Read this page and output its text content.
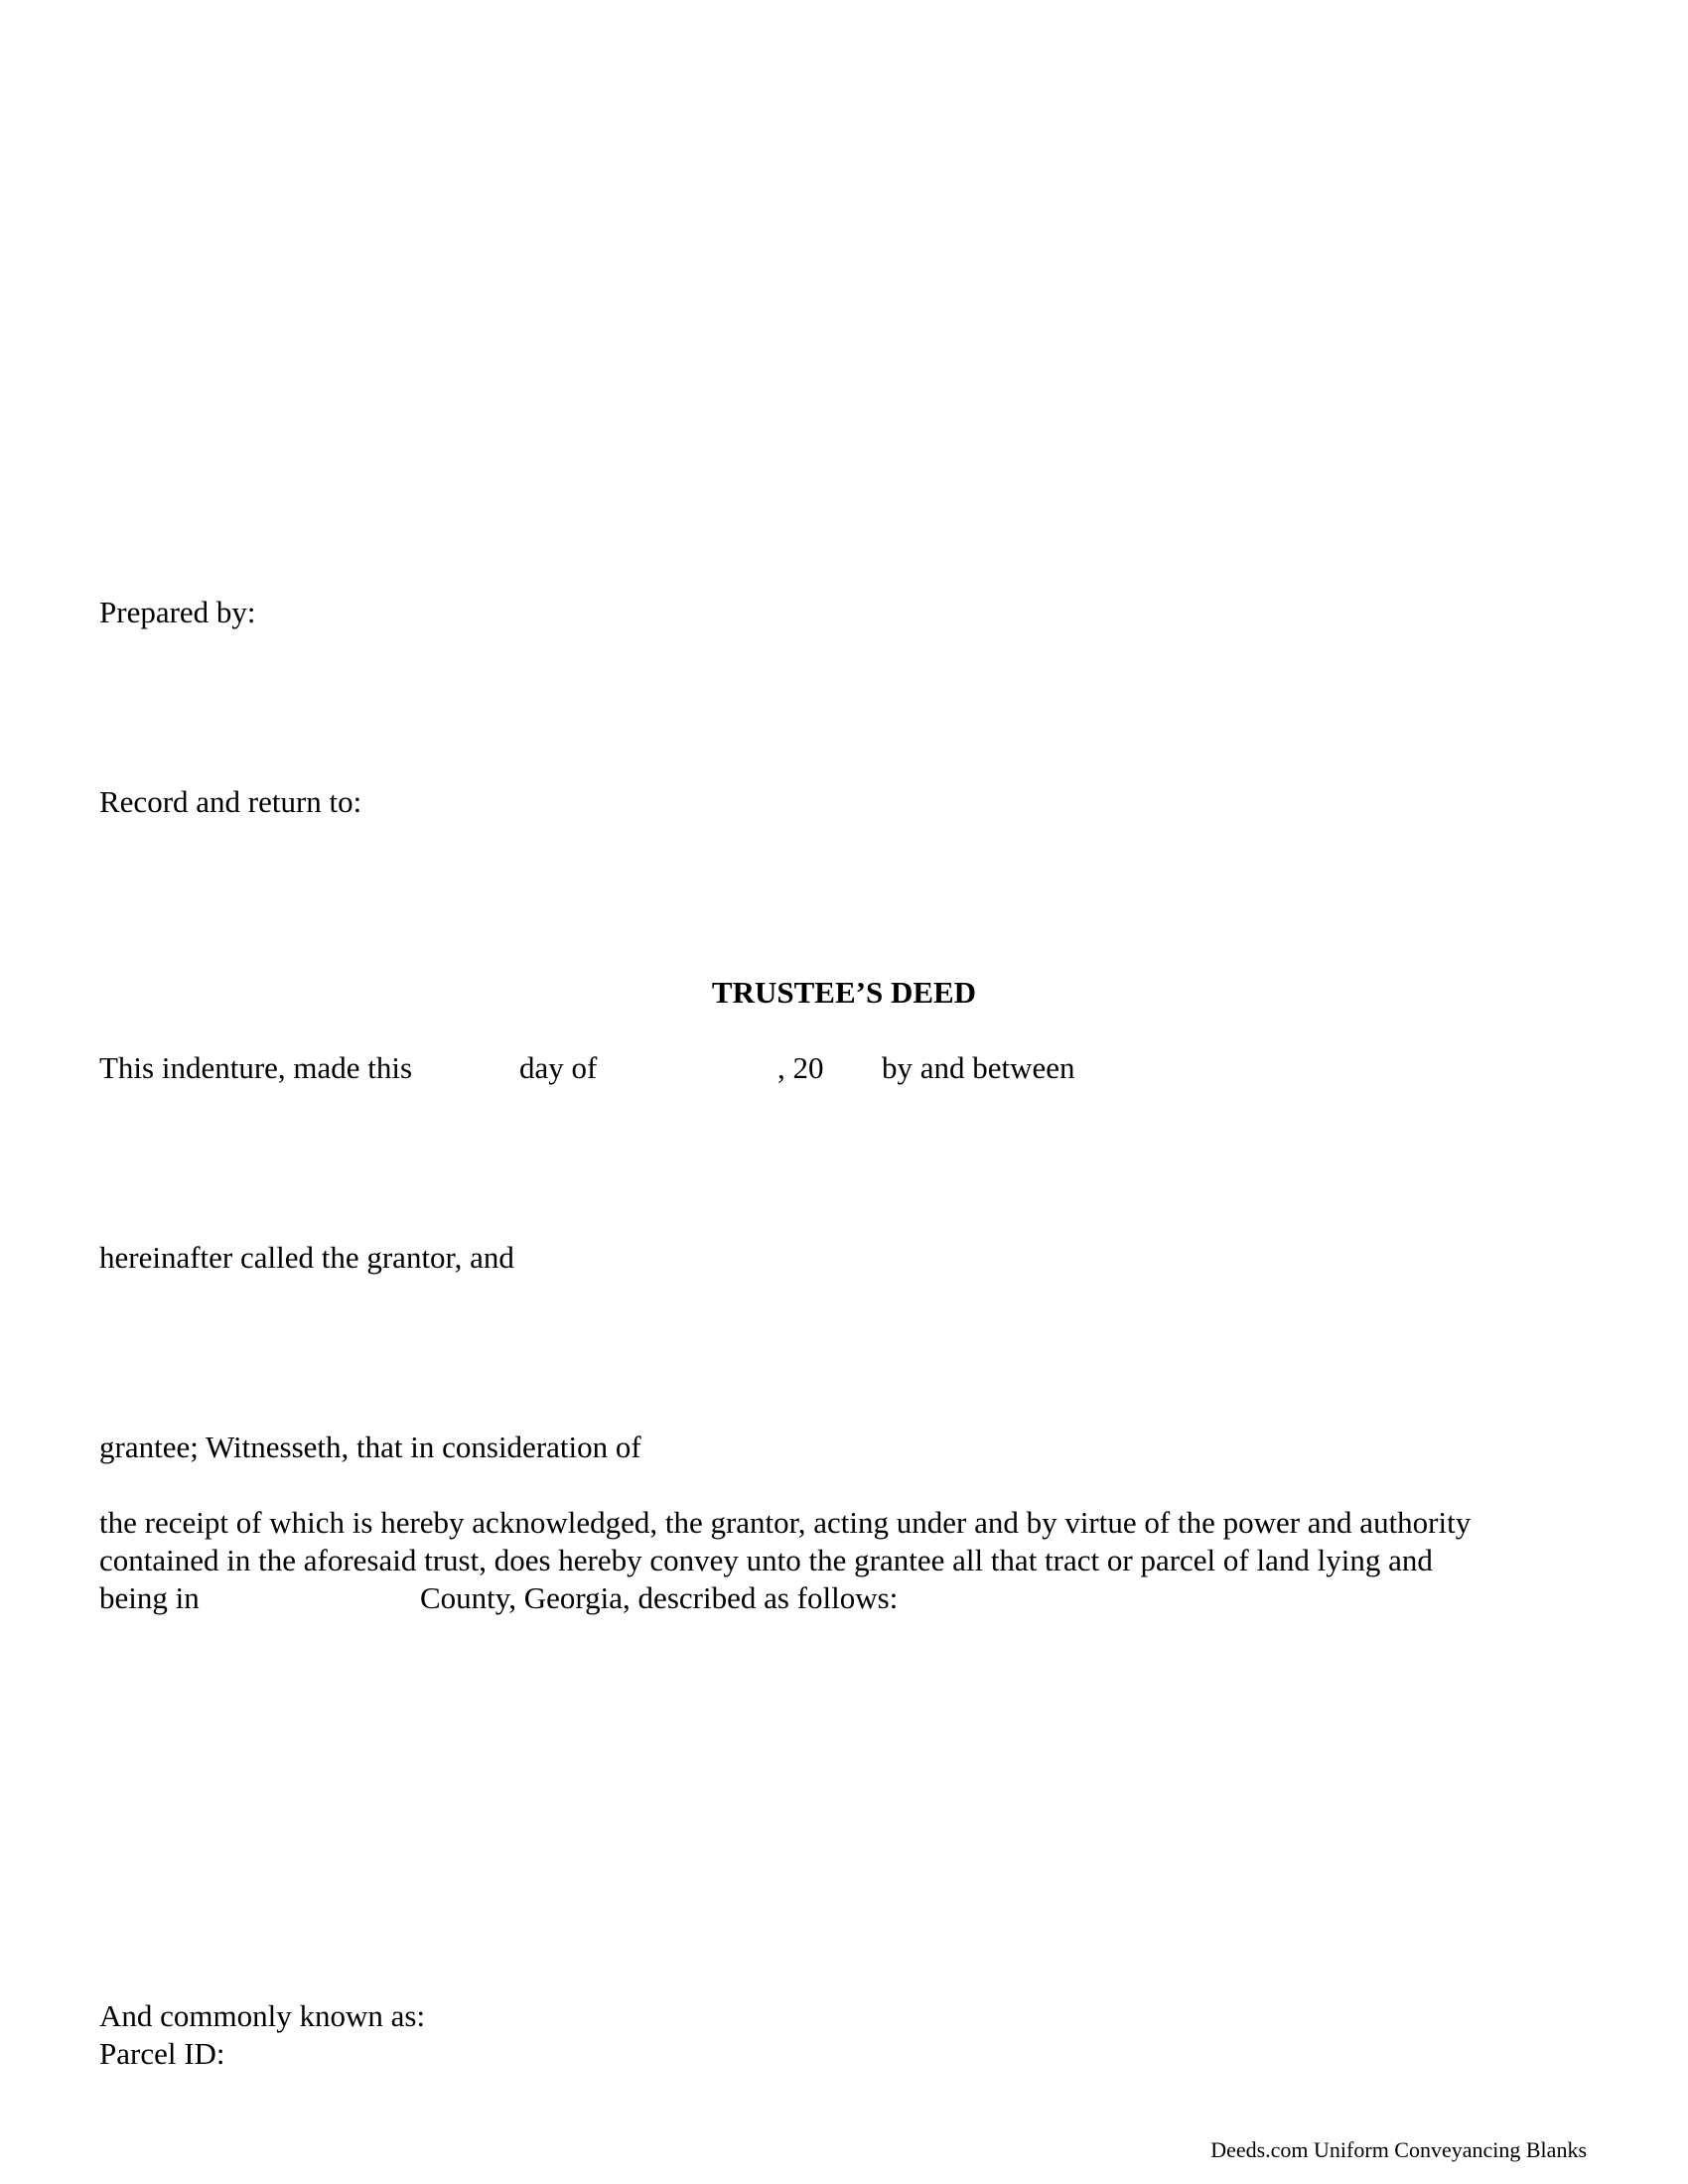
Prepared by:
Record and return to:
TRUSTEE’S DEED
This indenture, made this	day of	, 20 by and between
hereinafter called the grantor, and
grantee; Witnesseth, that in consideration of
the receipt of which is hereby acknowledged, the grantor, acting under and by virtue of the power and authority
contained in the aforesaid trust, does hereby convey unto the grantee all that tract or parcel of land lying and
being in	County, Georgia, described as follows:
And commonly known as:
Parcel ID:
Deeds.com Uniform Conveyancing Blanks
